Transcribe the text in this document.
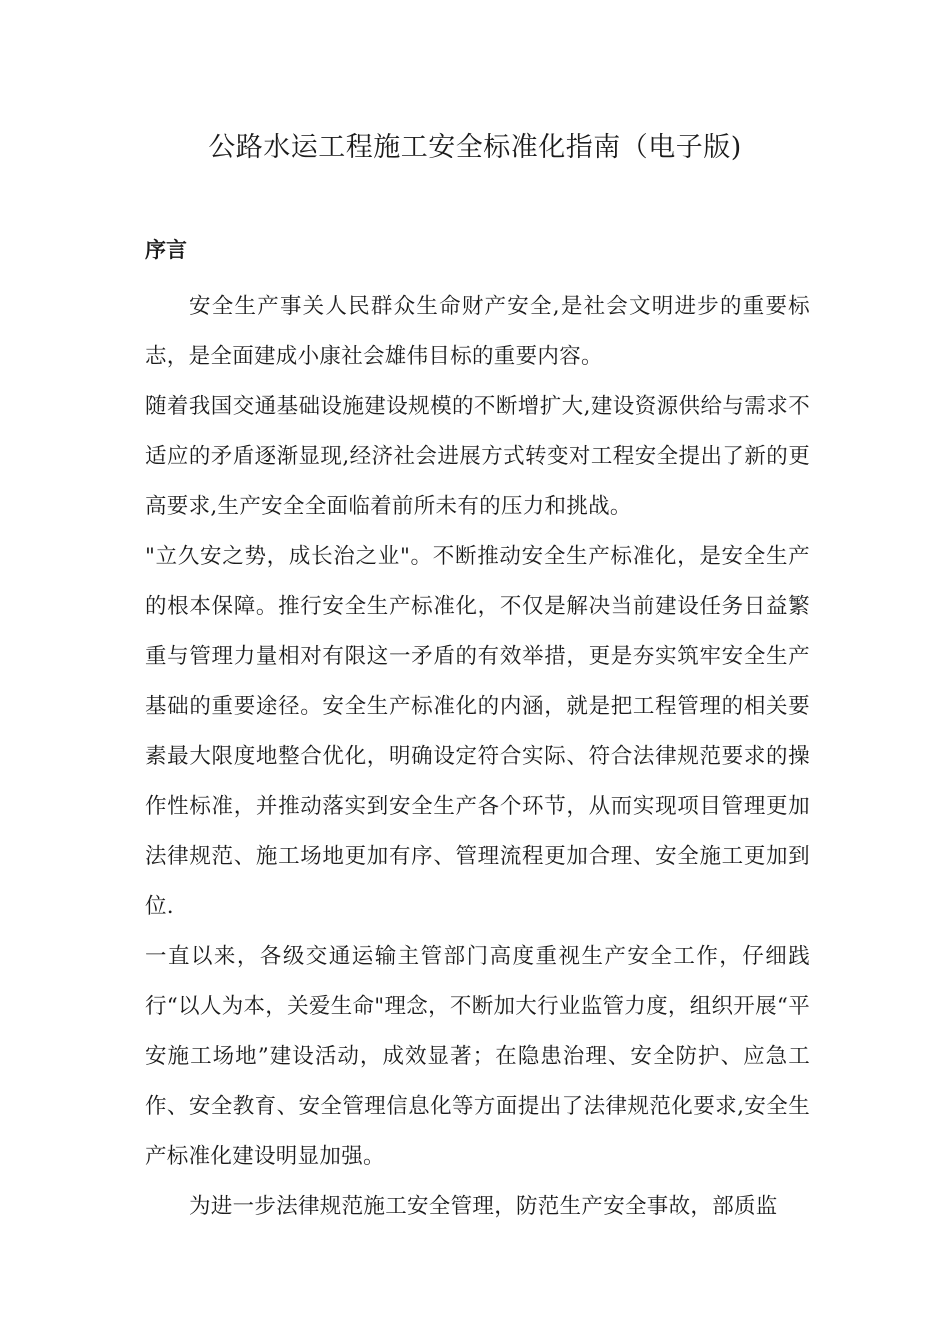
公路水运工程施工安全标准化指南（电子版)
序言

安全生产事关人民群众生命财产安全,是社会文明进步的重要标志，是全面建成小康社会雄伟目标的重要内容。

随着我国交通基础设施建设规模的不断增扩大,建设资源供给与需求不适应的矛盾逐渐显现,经济社会进展方式转变对工程安全提出了新的更高要求,生产安全全面临着前所未有的压力和挑战。

"立久安之势，成长治之业"。不断推动安全生产标准化，是安全生产的根本保障。推行安全生产标准化，不仅是解决当前建设任务日益繁重与管理力量相对有限这一矛盾的有效举措，更是夯实筑牢安全生产基础的重要途径。安全生产标准化的内涵，就是把工程管理的相关要素最大限度地整合优化，明确设定符合实际、符合法律规范要求的操作性标准，并推动落实到安全生产各个环节，从而实现项目管理更加法律规范、施工场地更加有序、管理流程更加合理、安全施工更加到位.

一直以来，各级交通运输主管部门高度重视生产安全工作，仔细践行“以人为本，关爱生命"理念，不断加大行业监管力度，组织开展“平安施工场地”建设活动，成效显著；在隐患治理、安全防护、应急工作、安全教育、安全管理信息化等方面提出了法律规范化要求,安全生产标准化建设明显加强。

为进一步法律规范施工安全管理，防范生产安全事故，部质监
